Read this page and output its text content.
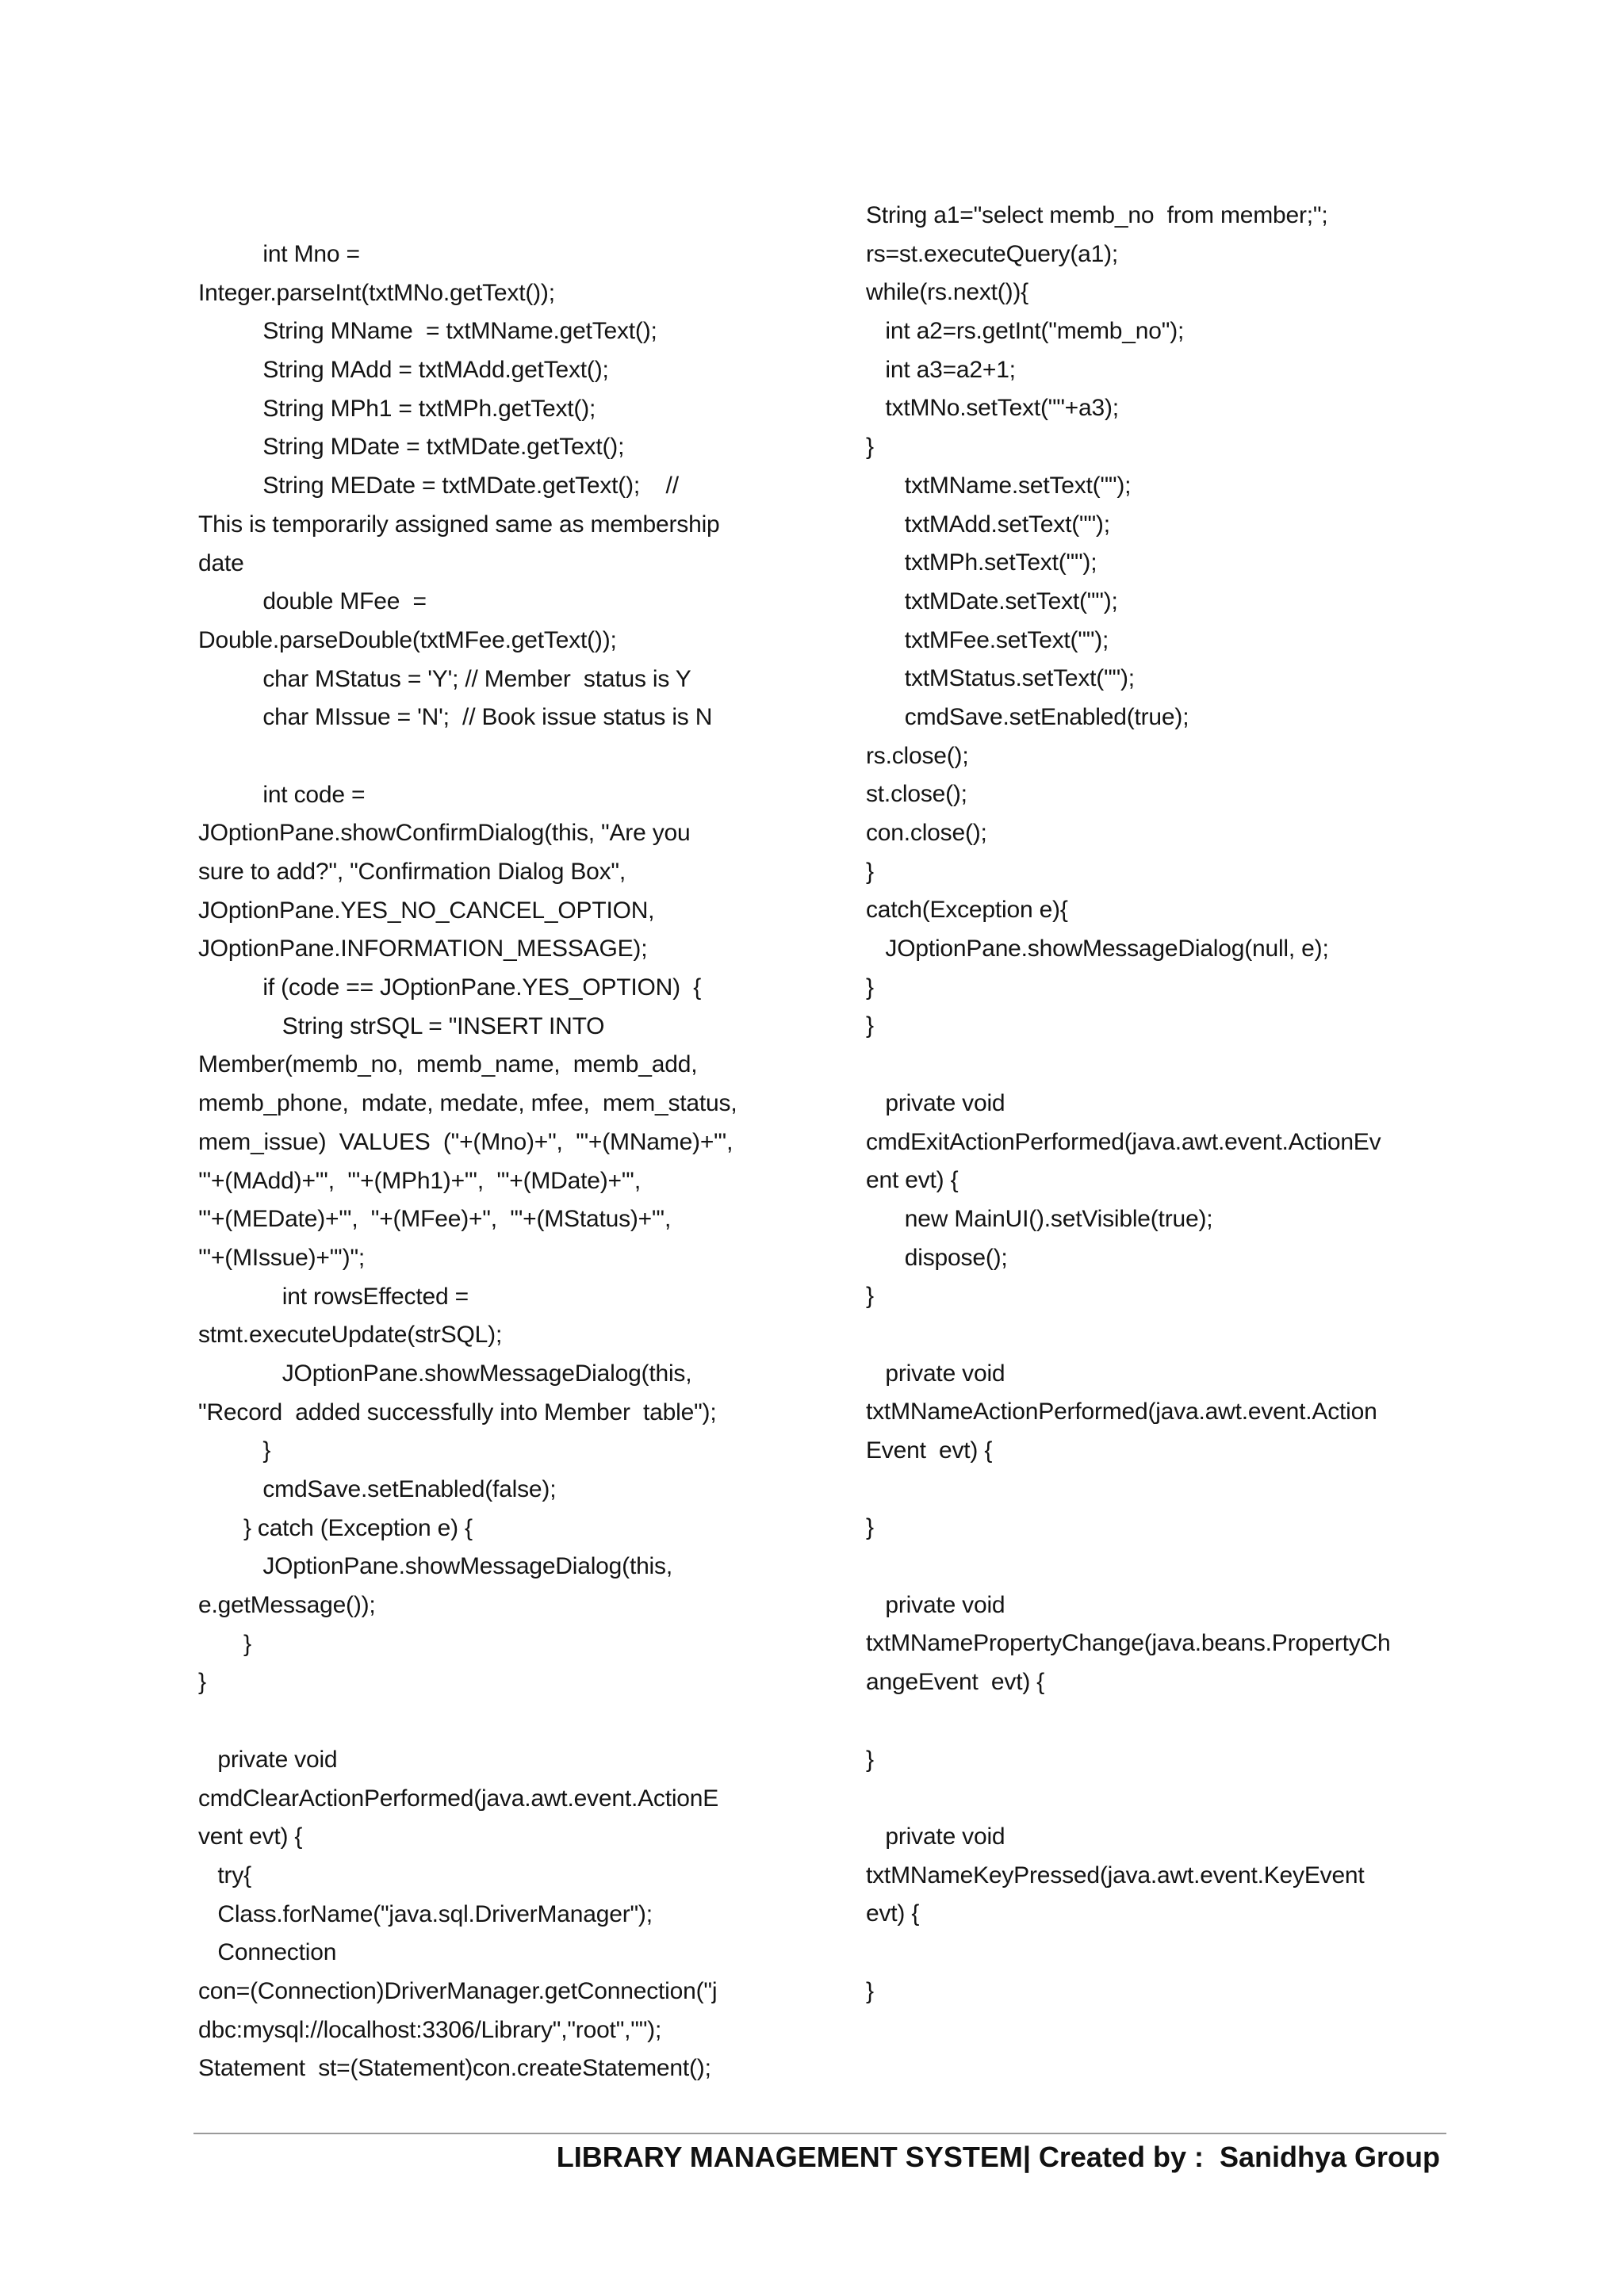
int Mno =
Integer.parseInt(txtMNo.getText());
String MName  = txtMName.getText();
String MAdd = txtMAdd.getText();
String MPh1 = txtMPh.getText();
String MDate = txtMDate.getText();
String MEDate = txtMDate.getText();    //
This is temporarily assigned same as membership
date
double MFee  =
Double.parseDouble(txtMFee.getText());
char MStatus = 'Y'; // Member  status is Y
char MIssue = 'N';  // Book issue status is N
int code =
JOptionPane.showConfirmDialog(this, "Are you
sure to add?", "Confirmation Dialog Box",
JOptionPane.YES_NO_CANCEL_OPTION,
JOptionPane.INFORMATION_MESSAGE);
if (code == JOptionPane.YES_OPTION)  {
String strSQL = "INSERT INTO
Member(memb_no,  memb_name,  memb_add,
memb_phone,  mdate, medate, mfee,  mem_status,
mem_issue)  VALUES  ("+(Mno)+",  '"+(MName)+"',
'"+(MAdd)+"',  '"+(MPh1)+"',  '"+(MDate)+"',
'"+(MEDate)+"',  "+(MFee)+",  '"+(MStatus)+"',
'"+(MIssue)+"')";
int rowsEffected =
stmt.executeUpdate(strSQL);
JOptionPane.showMessageDialog(this,
"Record  added successfully into Member  table");
}
cmdSave.setEnabled(false);
} catch (Exception e) {
JOptionPane.showMessageDialog(this,
e.getMessage());
}
}
private void
cmdClearActionPerformed(java.awt.event.ActionE
vent evt) {
try{
Class.forName("java.sql.DriverManager");
Connection
con=(Connection)DriverManager.getConnection("j
dbc:mysql://localhost:3306/Library","root","");
Statement  st=(Statement)con.createStatement();
String a1="select memb_no  from member;";
rs=st.executeQuery(a1);
while(rs.next()){
int a2=rs.getInt("memb_no");
int a3=a2+1;
txtMNo.setText(""+a3);
}
txtMName.setText("");
txtMAdd.setText("");
txtMPh.setText("");
txtMDate.setText("");
txtMFee.setText("");
txtMStatus.setText("");
cmdSave.setEnabled(true);
rs.close();
st.close();
con.close();
}
catch(Exception e){
JOptionPane.showMessageDialog(null, e);
}
}
private void
cmdExitActionPerformed(java.awt.event.ActionEv
ent evt) {
new MainUI().setVisible(true);
dispose();
}
private void
txtMNameActionPerformed(java.awt.event.Action
Event  evt) {
}
private void
txtMNamePropertyChange(java.beans.PropertyCh
angeEvent  evt) {
}
private void
txtMNameKeyPressed(java.awt.event.KeyEvent
evt) {
}
LIBRARY MANAGEMENT SYSTEM| Created by :  Sanidhya Group
